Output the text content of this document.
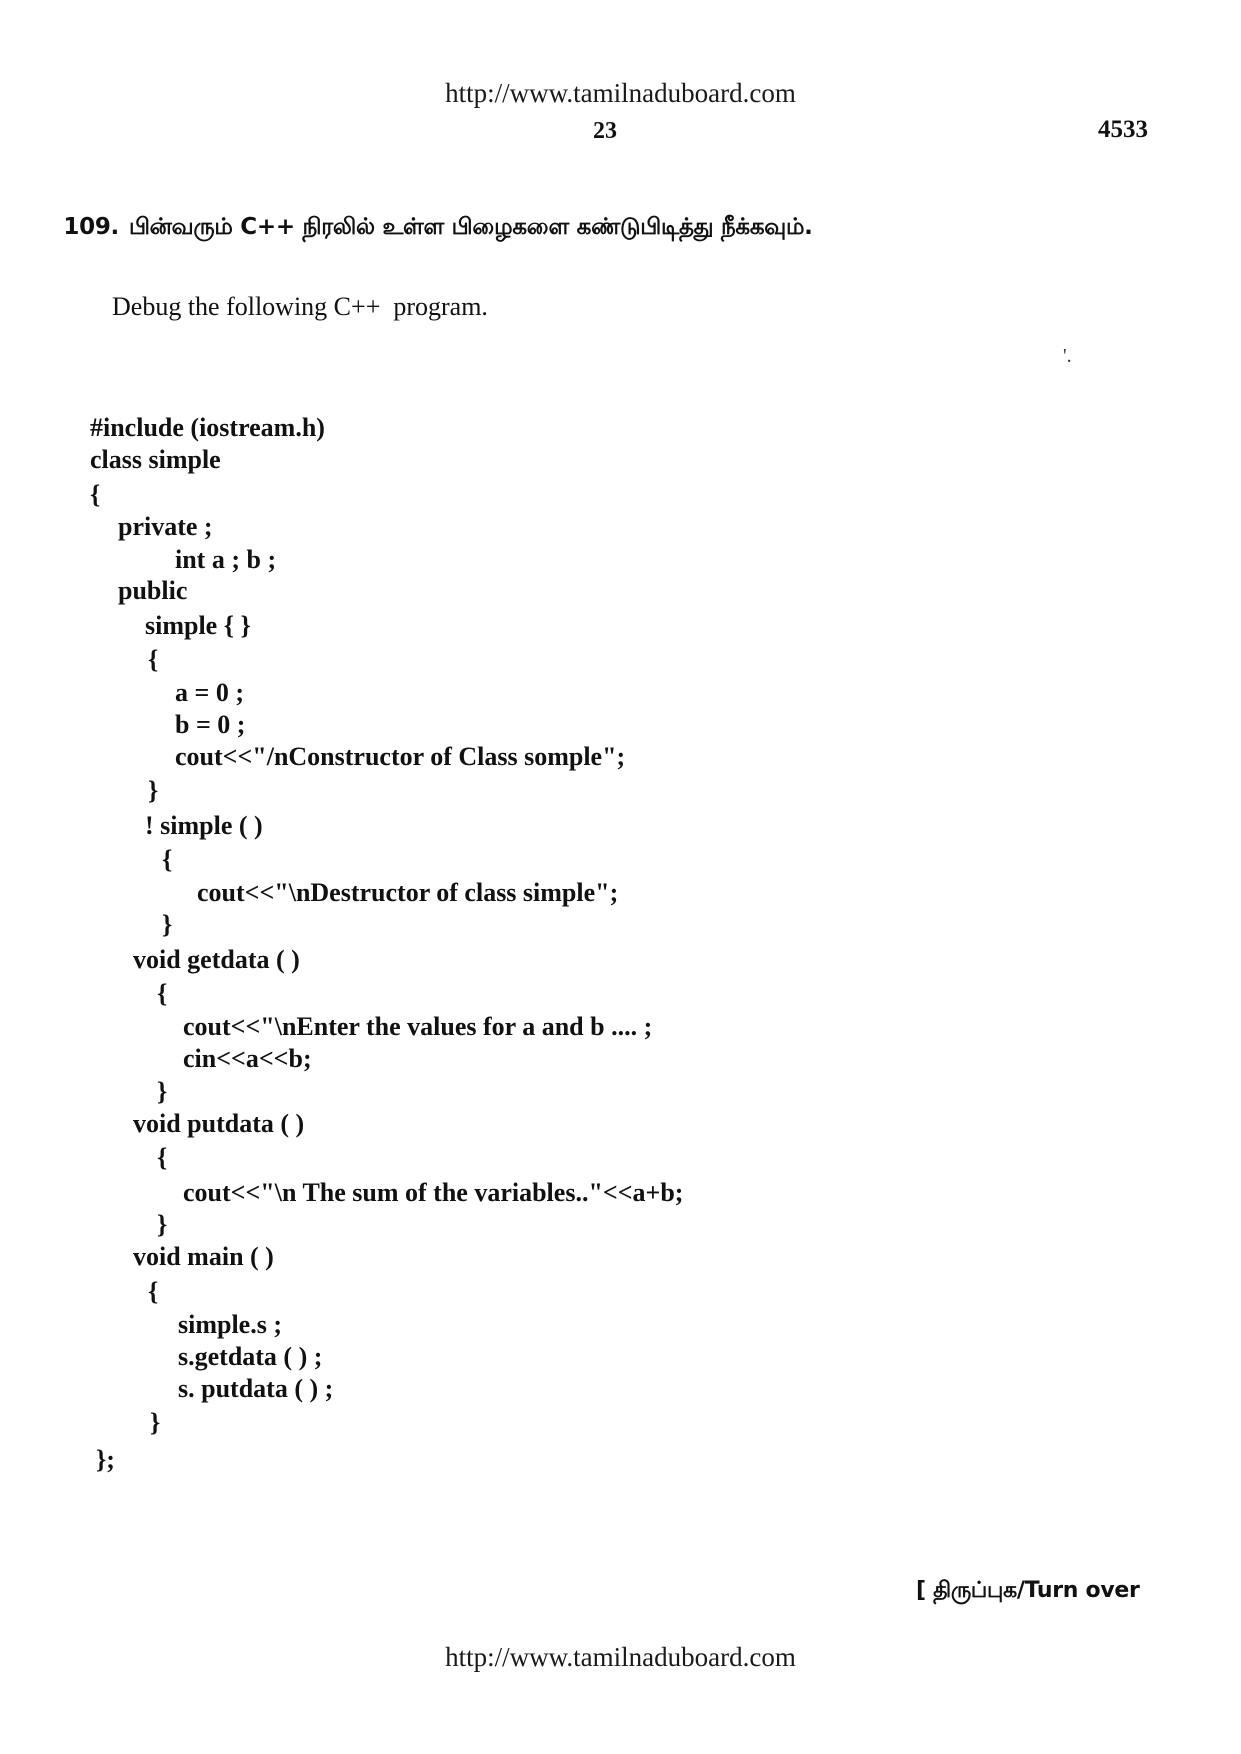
http://www.tamilnaduboard.com
23	4533

109. பின்வரும் C++ நிரலில் உள்ள பிழைகளை கண்டுபிடித்து நீக்கவும்.

Debug the following C++  program.
'.
#include (iostream.h)
class simple
{
private ;
int a ; b ;
public
simple { }
{
a = 0 ;
b = 0 ;
cout<<"/nConstructor of Class somple";
}
! simple ( )
{
cout<<"\nDestructor of class simple";
}
void getdata ( )
{
cout<<"\nEnter the values for a and b .... ;
cin<<a<<b;
}
void putdata ( )
{
cout<<"\n The sum of the variables.."<<a+b;
}
void main ( )
{
simple.s ;
s.getdata ( ) ;
s. putdata ( ) ;
}
};
[ திருப்புக/Turn over
http://www.tamilnaduboard.com
